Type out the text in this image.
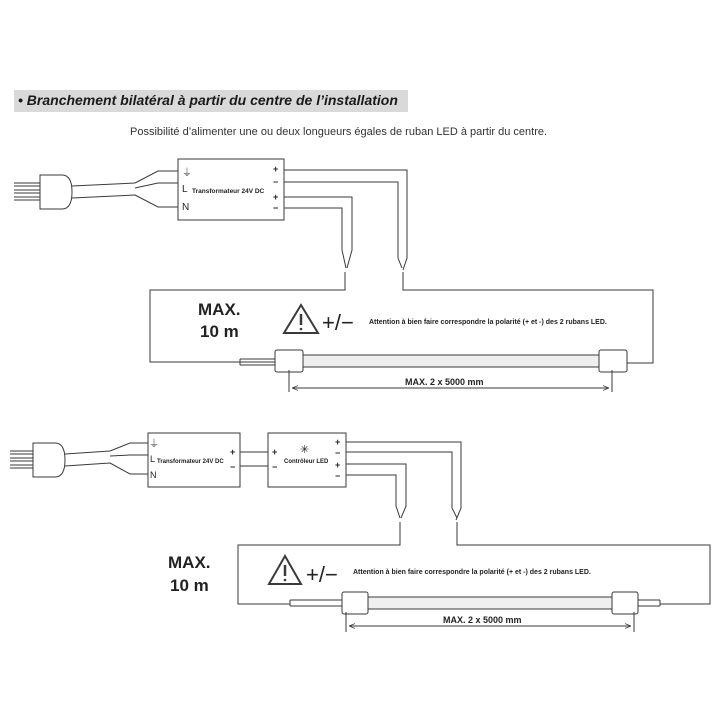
• Branchement bilatéral à partir du centre de l’installation
Possibilité d’alimenter une ou deux longueurs égales de ruban LED à partir du centre.
⏚
L
N
Transformateur 24V DC
+
−
+
−
MAX.
10 m	+/− Attention à bien faire correspondre la polarité (+ et -) des 2 rubans LED.
MAX. 2 x 5000 mm
⏚
L
N
Transformateur 24V DC
+
−
+
−
✳
Contrôleur LED
+
−
+
−
MAX.
10 m	+/− Attention à bien faire correspondre la polarité (+ et -) des 2 rubans LED.
MAX. 2 x 5000 mm
